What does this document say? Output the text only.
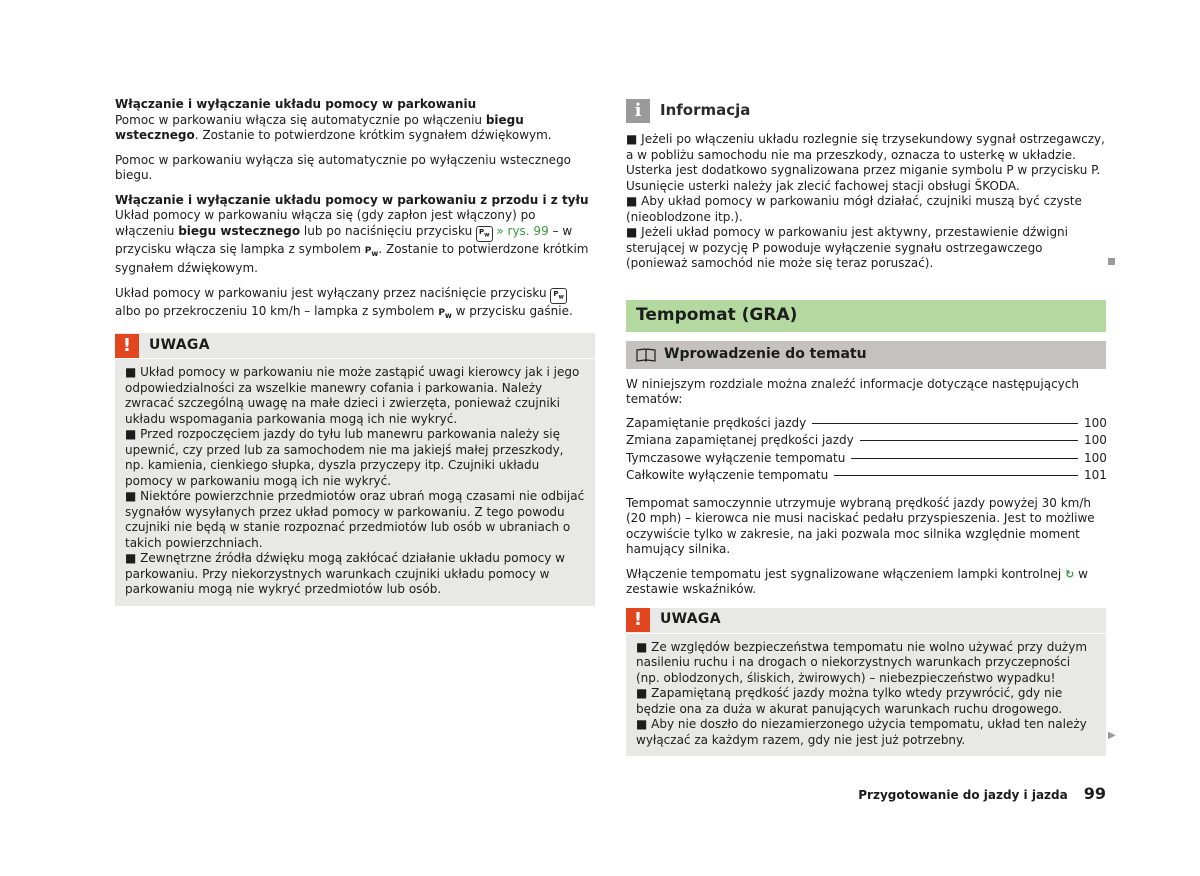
Włączanie i wyłączanie układu pomocy w parkowaniu
Pomoc w parkowaniu włącza się automatycznie po włączeniu biegu wstecznego. Zostanie to potwierdzone krótkim sygnałem dźwiękowym.
Pomoc w parkowaniu wyłącza się automatycznie po wyłączeniu wstecznego biegu.
Włączanie i wyłączanie układu pomocy w parkowaniu z przodu i z tyłu
Układ pomocy w parkowaniu włącza się (gdy zapłon jest włączony) po włączeniu biegu wstecznego lub po naciśnięciu przycisku $P_w$ » rys. 99 – w przycisku włącza się lampka z symbolem $P_w$. Zostanie to potwierdzone krótkim sygnałem dźwiękowym.
Układ pomocy w parkowaniu jest wyłączany przez naciśnięcie przycisku $P_w$ albo po przekroczeniu 10 km/h – lampka z symbolem $P_w$ w przycisku gaśnie.
!	UWAGA
■ Układ pomocy w parkowaniu nie może zastąpić uwagi kierowcy jak i jego odpowiedzialności za wszelkie manewry cofania i parkowania. Należy zwracać szczególną uwagę na małe dzieci i zwierzęta, ponieważ czujniki układu wspomagania parkowania mogą ich nie wykryć.
■ Przed rozpoczęciem jazdy do tyłu lub manewru parkowania należy się upewnić, czy przed lub za samochodem nie ma jakiejś małej przeszkody, np. kamienia, cienkiego słupka, dyszla przyczepy itp. Czujniki układu pomocy w parkowaniu mogą ich nie wykryć.
■ Niektóre powierzchnie przedmiotów oraz ubrań mogą czasami nie odbijać sygnałów wysyłanych przez układ pomocy w parkowaniu. Z tego powodu czujniki nie będą w stanie rozpoznać przedmiotów lub osób w ubraniach o takich powierzchniach.
■ Zewnętrzne źródła dźwięku mogą zakłócać działanie układu pomocy w parkowaniu. Przy niekorzystnych warunkach czujniki układu pomocy w parkowaniu mogą nie wykryć przedmiotów lub osób.
i	Informacja
■ Jeżeli po włączeniu układu rozlegnie się trzysekundowy sygnał ostrzegawczy, a w pobliżu samochodu nie ma przeszkody, oznacza to usterkę w układzie. Usterka jest dodatkowo sygnalizowana przez miganie symbolu P w przycisku P. Usunięcie usterki należy jak zlecić fachowej stacji obsługi ŠKODA.
■ Aby układ pomocy w parkowaniu mógł działać, czujniki muszą być czyste (nieoblodzone itp.).
■ Jeżeli układ pomocy w parkowaniu jest aktywny, przestawienie dźwigni sterującej w pozycję P powoduje wyłączenie sygnału ostrzegawczego (ponieważ samochód nie może się teraz poruszać).
Tempomat (GRA)
Wprowadzenie do tematu
W niniejszym rozdziale można znaleźć informacje dotyczące następujących tematów:
Zapamiętanie prędkości jazdy	100
Zmiana zapamiętanej prędkości jazdy	100
Tymczasowe wyłączenie tempomatu	100
Całkowite wyłączenie tempomatu	101
Tempomat samoczynnie utrzymuje wybraną prędkość jazdy powyżej 30 km/h (20 mph) – kierowca nie musi naciskać pedału przyspieszenia. Jest to możliwe oczywiście tylko w zakresie, na jaki pozwala moc silnika względnie moment hamujący silnika.
Włączenie tempomatu jest sygnalizowane włączeniem lampki kontrolnej ↻ w zestawie wskaźników.
!	UWAGA
■ Ze względów bezpieczeństwa tempomatu nie wolno używać przy dużym nasileniu ruchu i na drogach o niekorzystnych warunkach przyczepności (np. oblodzonych, śliskich, żwirowych) – niebezpieczeństwo wypadku!
■ Zapamiętaną prędkość jazdy można tylko wtedy przywrócić, gdy nie będzie ona za duża w akurat panujących warunkach ruchu drogowego.
■ Aby nie doszło do niezamierzonego użycia tempomatu, układ ten należy wyłączać za każdym razem, gdy nie jest już potrzebny.	▶
Przygotowanie do jazdy i jazda 99
